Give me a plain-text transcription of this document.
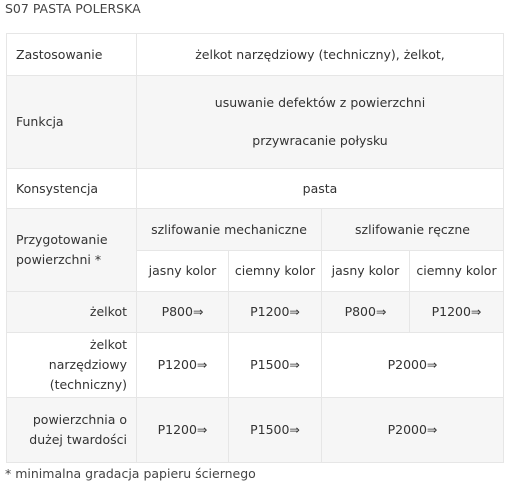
S07 PASTA POLERSKA
Zastosowanie	żelkot narzędziowy (techniczny), żelkot,			
Funkcja	usuwanie defektów z powierzchni
przywracanie połysku			

Konsystencja	pasta			

Przygotowanie
powierzchni *	szlifowanie mechaniczne		szlifowanie ręczne	
	jasny kolor	ciemny kolor	jasny kolor	ciemny kolor
żelkot	P800⇒	P1200⇒	P800⇒	P1200⇒

żelkot narzędziowy
(techniczny)	P1200⇒	P1500⇒	P2000⇒	

powierzchnia o
dużej twardości	P1200⇒	P1500⇒	P2000⇒	
* minimalna gradacja papieru ściernego
